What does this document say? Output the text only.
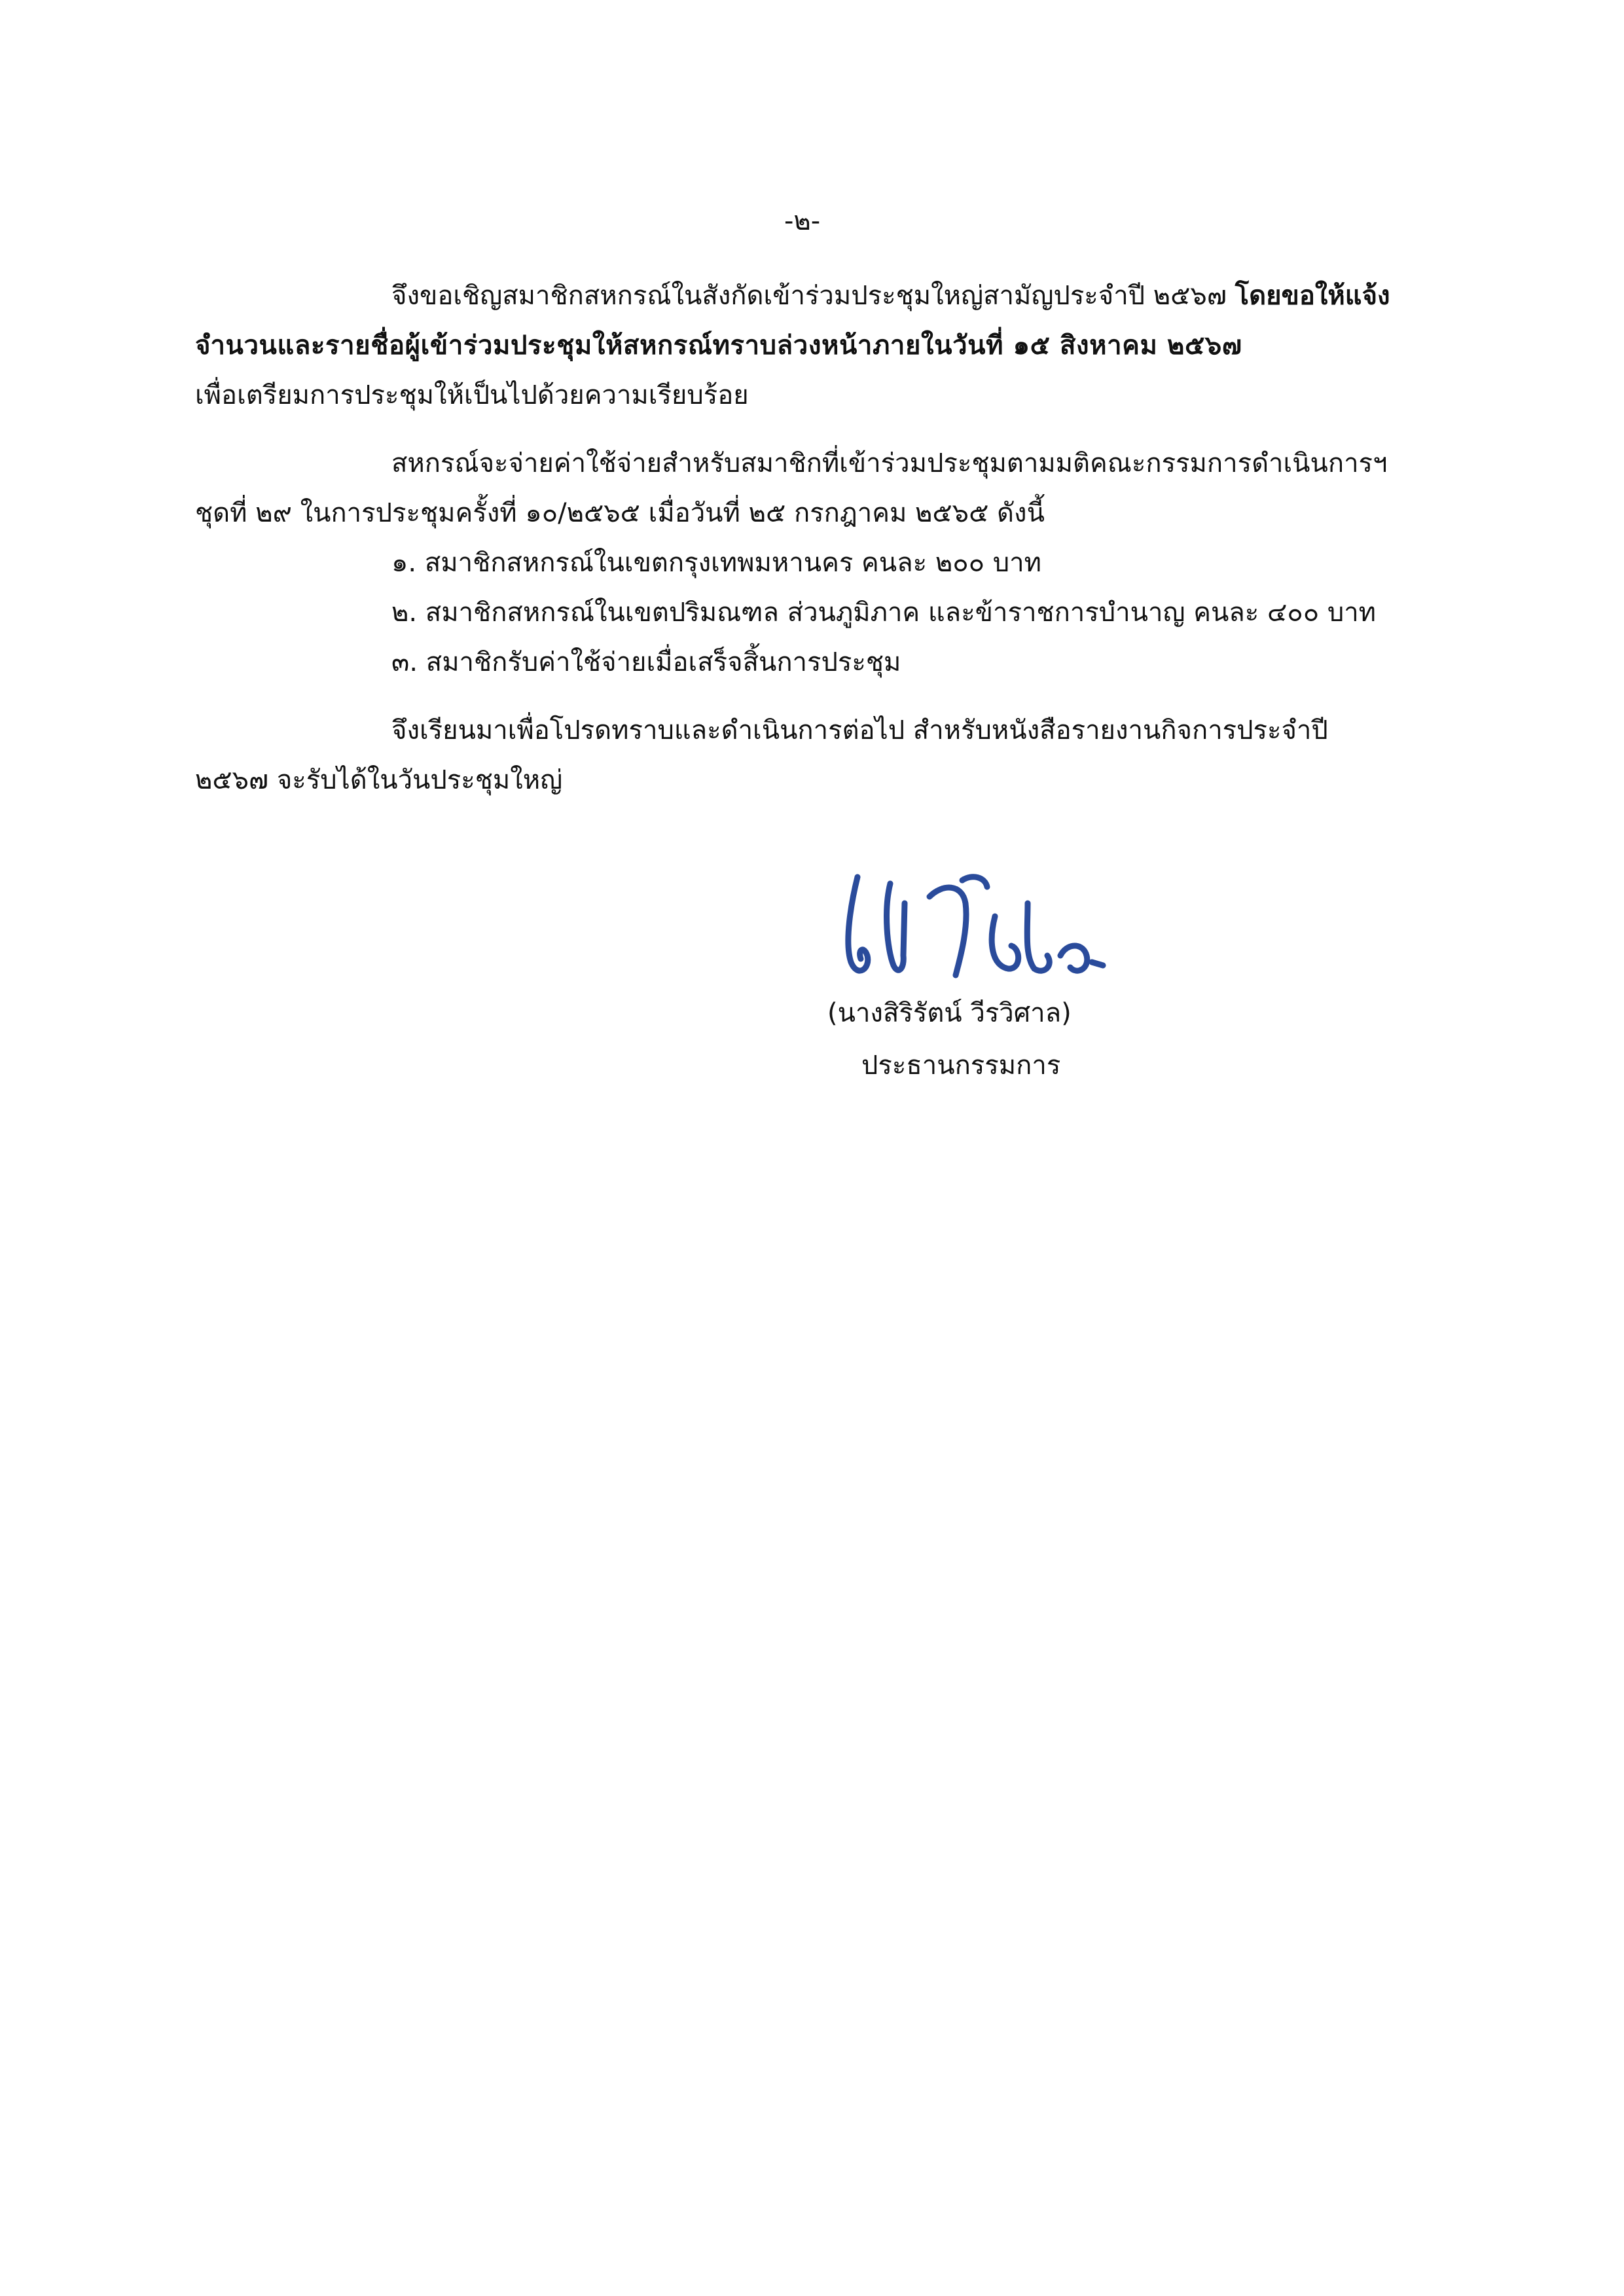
-๒-
จึงขอเชิญสมาชิกสหกรณ์ในสังกัดเข้าร่วมประชุมใหญ่สามัญประจำปี ๒๕๖๗ โดยขอให้แจ้ง
จำนวนและรายชื่อผู้เข้าร่วมประชุมให้สหกรณ์ทราบล่วงหน้าภายในวันที่ ๑๕ สิงหาคม ๒๕๖๗
เพื่อเตรียมการประชุมให้เป็นไปด้วยความเรียบร้อย
สหกรณ์จะจ่ายค่าใช้จ่ายสำหรับสมาชิกที่เข้าร่วมประชุมตามมติคณะกรรมการดำเนินการฯ
ชุดที่ ๒๙ ในการประชุมครั้งที่ ๑๐/๒๕๖๕ เมื่อวันที่ ๒๕ กรกฎาคม ๒๕๖๕ ดังนี้
๑. สมาชิกสหกรณ์ในเขตกรุงเทพมหานคร คนละ ๒๐๐ บาท
๒. สมาชิกสหกรณ์ในเขตปริมณฑล ส่วนภูมิภาค และข้าราชการบำนาญ คนละ ๔๐๐ บาท
๓. สมาชิกรับค่าใช้จ่ายเมื่อเสร็จสิ้นการประชุม
จึงเรียนมาเพื่อโปรดทราบและดำเนินการต่อไป สำหรับหนังสือรายงานกิจการประจำปี
๒๕๖๗ จะรับได้ในวันประชุมใหญ่
(นางสิริรัตน์ วีรวิศาล)
ประธานกรรมการ
